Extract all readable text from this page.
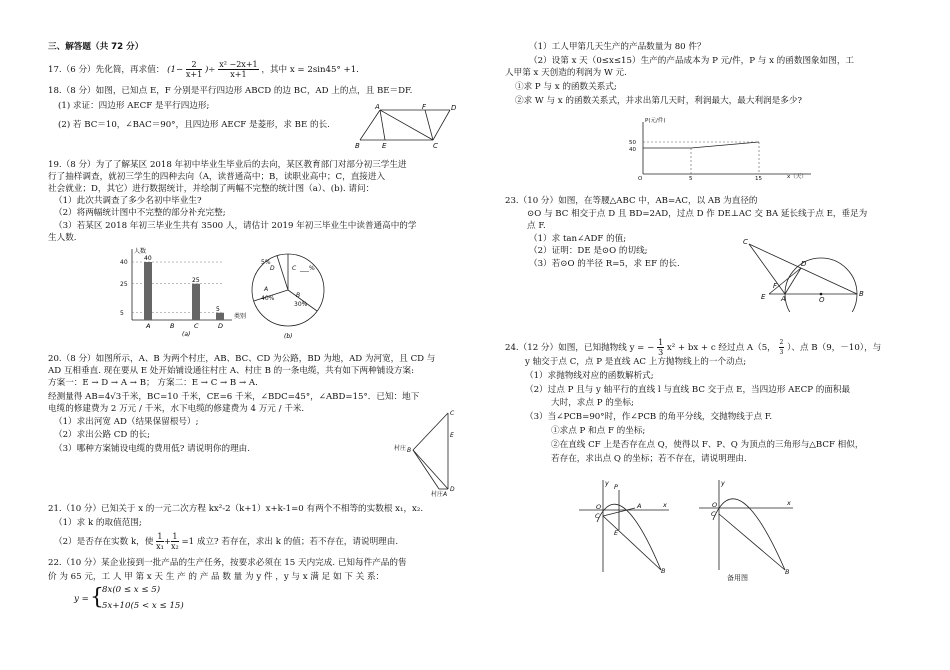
三、解答题（共 72 分）
17.（6 分）先化简，再求值： ($1- \frac{2}{x+1}$ )÷ $\frac{\text{x² −2x+1}}{x+1}$ ，其中 x = 2sin45° +1.
18.（8 分）如图，已知点 E，F 分别是平行四边形 ABCD 的边 BC，AD 上的点，且 BE＝DF.
(1) 求证：四边形 AECF 是平行四边形;
(2) 若 BC＝10，∠BAC＝90°，且四边形 AECF 是菱形，求 BE 的长.
A	F	D
B	E	C
19.（8 分）为了了解某区 2018 年初中毕业生毕业后的去向，某区教育部门对部分初三学生进
行了抽样调查，就初三学生的四种去向（A，读普通高中；B，读职业高中；C，直接进入
社会就业；D，其它）进行数据统计，并绘制了两幅不完整的统计图（a）、(b). 请问：
（1）此次共调查了多少名初中毕业生?
（2）将两幅统计图中不完整的部分补充完整;
（3）若某区 2018 年初三毕业生共有 3500 人，请估计 2019 年初三毕业生中读普通高中的学
生人数.
5
25
40
40
A	B
25
C
5
D
人数
类别
(a)
5%
D	C ___%
A
40%	B
30%
(b)
20.（8 分）如图所示，A、B 为两个村庄，AB、BC、CD 为公路，BD 为地，AD 为河宽，且 CD 与
AD 互相垂直. 现在要从 E 处开始铺设通往村庄 A、村庄 B 的一条电缆，共有如下两种铺设方案:
方案一：E → D → A → B； 方案二：E → C → B → A.
经测量得 AB=4√3千米，BC=10 千米，CE=6 千米，∠BDC=45°，∠ABD=15°．已知：地下
电缆的修建费为 2 万元 / 千米，水下电缆的修建费为 4 万元 / 千米.
（1）求出河宽 AD（结果保留根号）;
（2）求出公路 CD 的长;
（3）哪种方案铺设电缆的费用低? 请说明你的理由.
C
E
D
村庄 B
村庄 A
21.（10 分）已知关于 x 的一元二次方程 kx²-2（k+1）x+k-1=0 有两个不相等的实数根 x₁，x₂.
（1）求 k 的取值范围;
（2）是否存在实数 k，使 $\frac{1}{\text{x₁}} + \frac{1}{\text{x₂}} =1$ 成立? 若存在，求出 k 的值；若不存在，请说明理由.
22.（10 分）某企业接到一批产品的生产任务，按要求必须在 15 天内完成. 已知每件产品的售
价 为 65 元，工 人 甲 第 x 天 生 产 的 产 品 数 量 为 y 件 ，y 与 x 满 足 如 下 关 系：
y = {
8x(0 ≤ x ≤ 5)
5x+10(5 < x ≤ 15)
（1）工人甲第几天生产的产品数量为 80 件？
（2）设第 x 天（0≤x≤15）生产的产品成本为 P 元/件，P 与 x 的函数图象如图，工
人甲第 x 天创造的利润为 W 元.
①求 P 与 x 的函数关系式;
②求 W 与 x 的函数关系式，并求出第几天时，利润最大，最大利润是多少?
P(元/件)
50
40
O	5	15	x（天）
23.（10 分）如图，在等腰△ABC 中，AB=AC，以 AB 为直径的
⊙O 与 BC 相交于点 D 且 BD=2AD，过点 D 作 DE⊥AC 交 BA 延长线于点 E，垂足为
点 F.
（1）求 tan∠ADF 的值;
（2）证明：DE 是⊙O 的切线;
（3）若⊙O 的半径 R=5，求 EF 的长.
C
D
F
E A	O
B
24.（12 分）如图，已知抛物线 y = − $\frac{1}{3} x^2$ + bx + c 经过点 A（5， $\frac{2}{3}$ ）、点 B（9，－10），与
y 轴交于点 C，点 P 是直线 AC 上方抛物线上的一个动点;
（1）求抛物线对应的函数解析式;
（2）过点 P 且与 y 轴平行的直线 l 与直线 BC 交于点 E，当四边形 AECP 的面积最
大时，求点 P 的坐标;
（3）当∠PCB=90°时，作∠PCB 的角平分线，交抛物线于点 F.
①求点 P 和点 F 的坐标;
②在直线 CF 上是否存在点 Q，使得以 F、P、Q 为顶点的三角形与△BCF 相似，
若存在，求出点 Q 的坐标；若不存在，请说明理由.
y
x
O
C
P
A
E
B
y
x
O
C
B
备用图
